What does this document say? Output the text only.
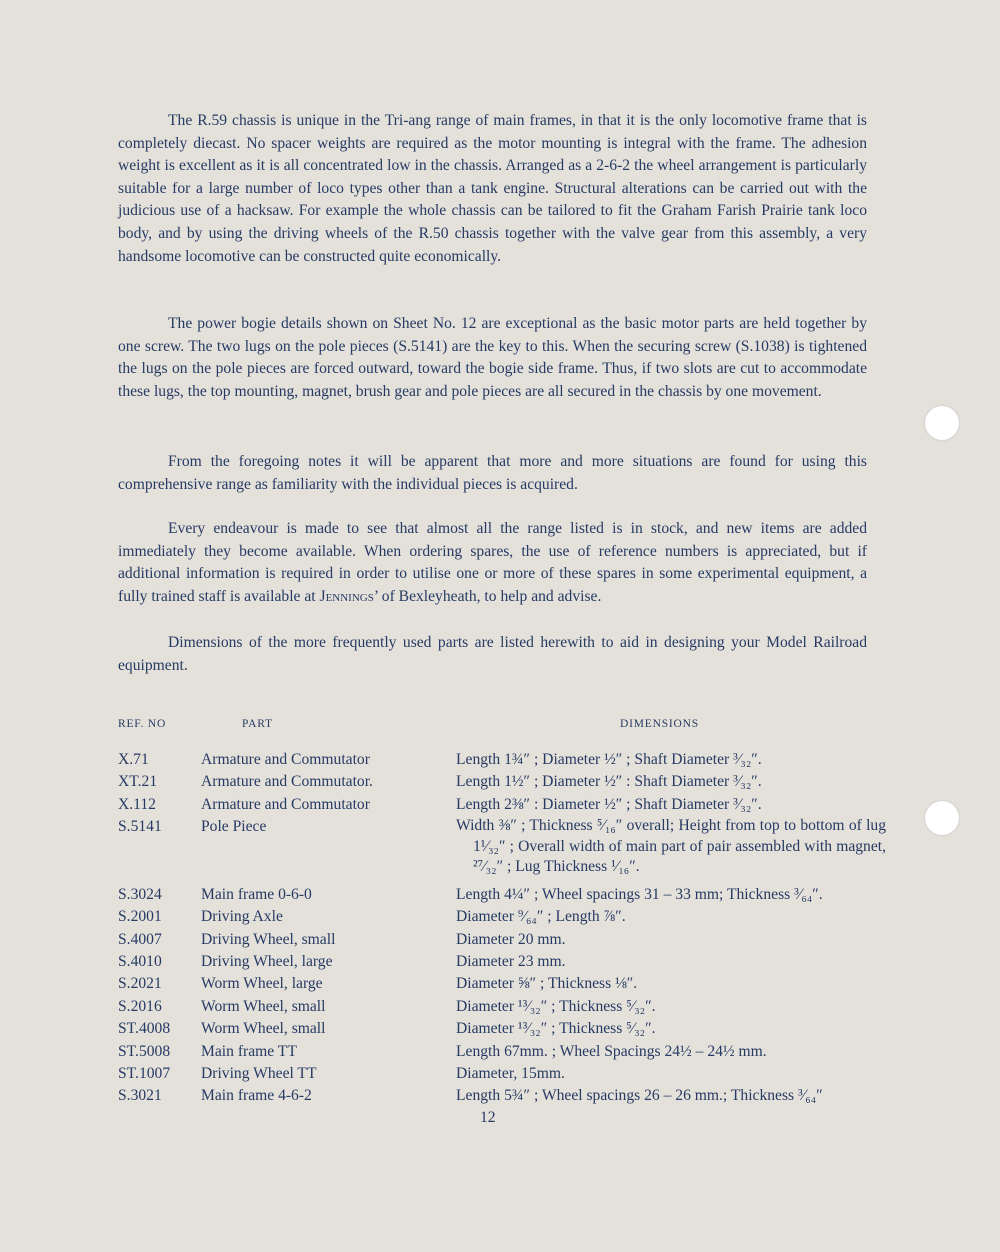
The R.59 chassis is unique in the Tri-ang range of main frames, in that it is the only locomotive frame that is completely diecast. No spacer weights are required as the motor mounting is integral with the frame. The adhesion weight is excellent as it is all concentrated low in the chassis. Arranged as a 2-6-2 the wheel arrangement is particularly suitable for a large number of loco types other than a tank engine. Structural alterations can be carried out with the judicious use of a hacksaw. For example the whole chassis can be tailored to fit the Graham Farish Prairie tank loco body, and by using the driving wheels of the R.50 chassis together with the valve gear from this assembly, a very handsome locomotive can be constructed quite economically.

The power bogie details shown on Sheet No. 12 are exceptional as the basic motor parts are held together by one screw. The two lugs on the pole pieces (S.5141) are the key to this. When the securing screw (S.1038) is tightened the lugs on the pole pieces are forced outward, toward the bogie side frame. Thus, if two slots are cut to accommodate these lugs, the top mounting, magnet, brush gear and pole pieces are all secured in the chassis by one movement.

From the foregoing notes it will be apparent that more and more situations are found for using this comprehensive range as familiarity with the individual pieces is acquired.

Every endeavour is made to see that almost all the range listed is in stock, and new items are added immediately they become available. When ordering spares, the use of reference numbers is appreciated, but if additional information is required in order to utilise one or more of these spares in some experimental equipment, a fully trained staff is available at Jennings’ of Bexleyheath, to help and advise.

Dimensions of the more frequently used parts are listed herewith to aid in designing your Model Railroad equipment.

REF. NO	PART	DIMENSIONS
X.71	Armature and Commutator	Length 1¾″ ; Diameter ½″ ; Shaft Diameter ³⁄₃₂″.
XT.21	Armature and Commutator.	Length 1½″ ; Diameter ½″ : Shaft Diameter ³⁄₃₂″.
X.112	Armature and Commutator	Length 2⅜″ : Diameter ½″ ; Shaft Diameter ³⁄₃₂″.
S.5141	Pole Piece	Width ⅜″ ; Thickness ⁵⁄₁₆″ overall; Height from top to bottom of lug 1¹⁄₃₂″ ; Overall width of main part of pair assembled with magnet, ²⁷⁄₃₂″ ; Lug Thickness ¹⁄₁₆″.
S.3024	Main frame 0-6-0	Length 4¼″ ; Wheel spacings 31 – 33 mm; Thickness ³⁄₆₄″.
S.2001	Driving Axle	Diameter ⁹⁄₆₄″ ; Length ⅞″.
S.4007	Driving Wheel, small	Diameter 20 mm.
S.4010	Driving Wheel, large	Diameter 23 mm.
S.2021	Worm Wheel, large	Diameter ⅝″ ; Thickness ⅛″.
S.2016	Worm Wheel, small	Diameter ¹³⁄₃₂″ ; Thickness ⁵⁄₃₂″.
ST.4008	Worm Wheel, small	Diameter ¹³⁄₃₂″ ; Thickness ⁵⁄₃₂″.
ST.5008	Main frame TT	Length 67mm. ; Wheel Spacings 24½ – 24½ mm.
ST.1007	Driving Wheel TT	Diameter, 15mm.
S.3021	Main frame 4-6-2	Length 5¾″ ; Wheel spacings 26 – 26 mm.; Thickness ³⁄₆₄″
12
